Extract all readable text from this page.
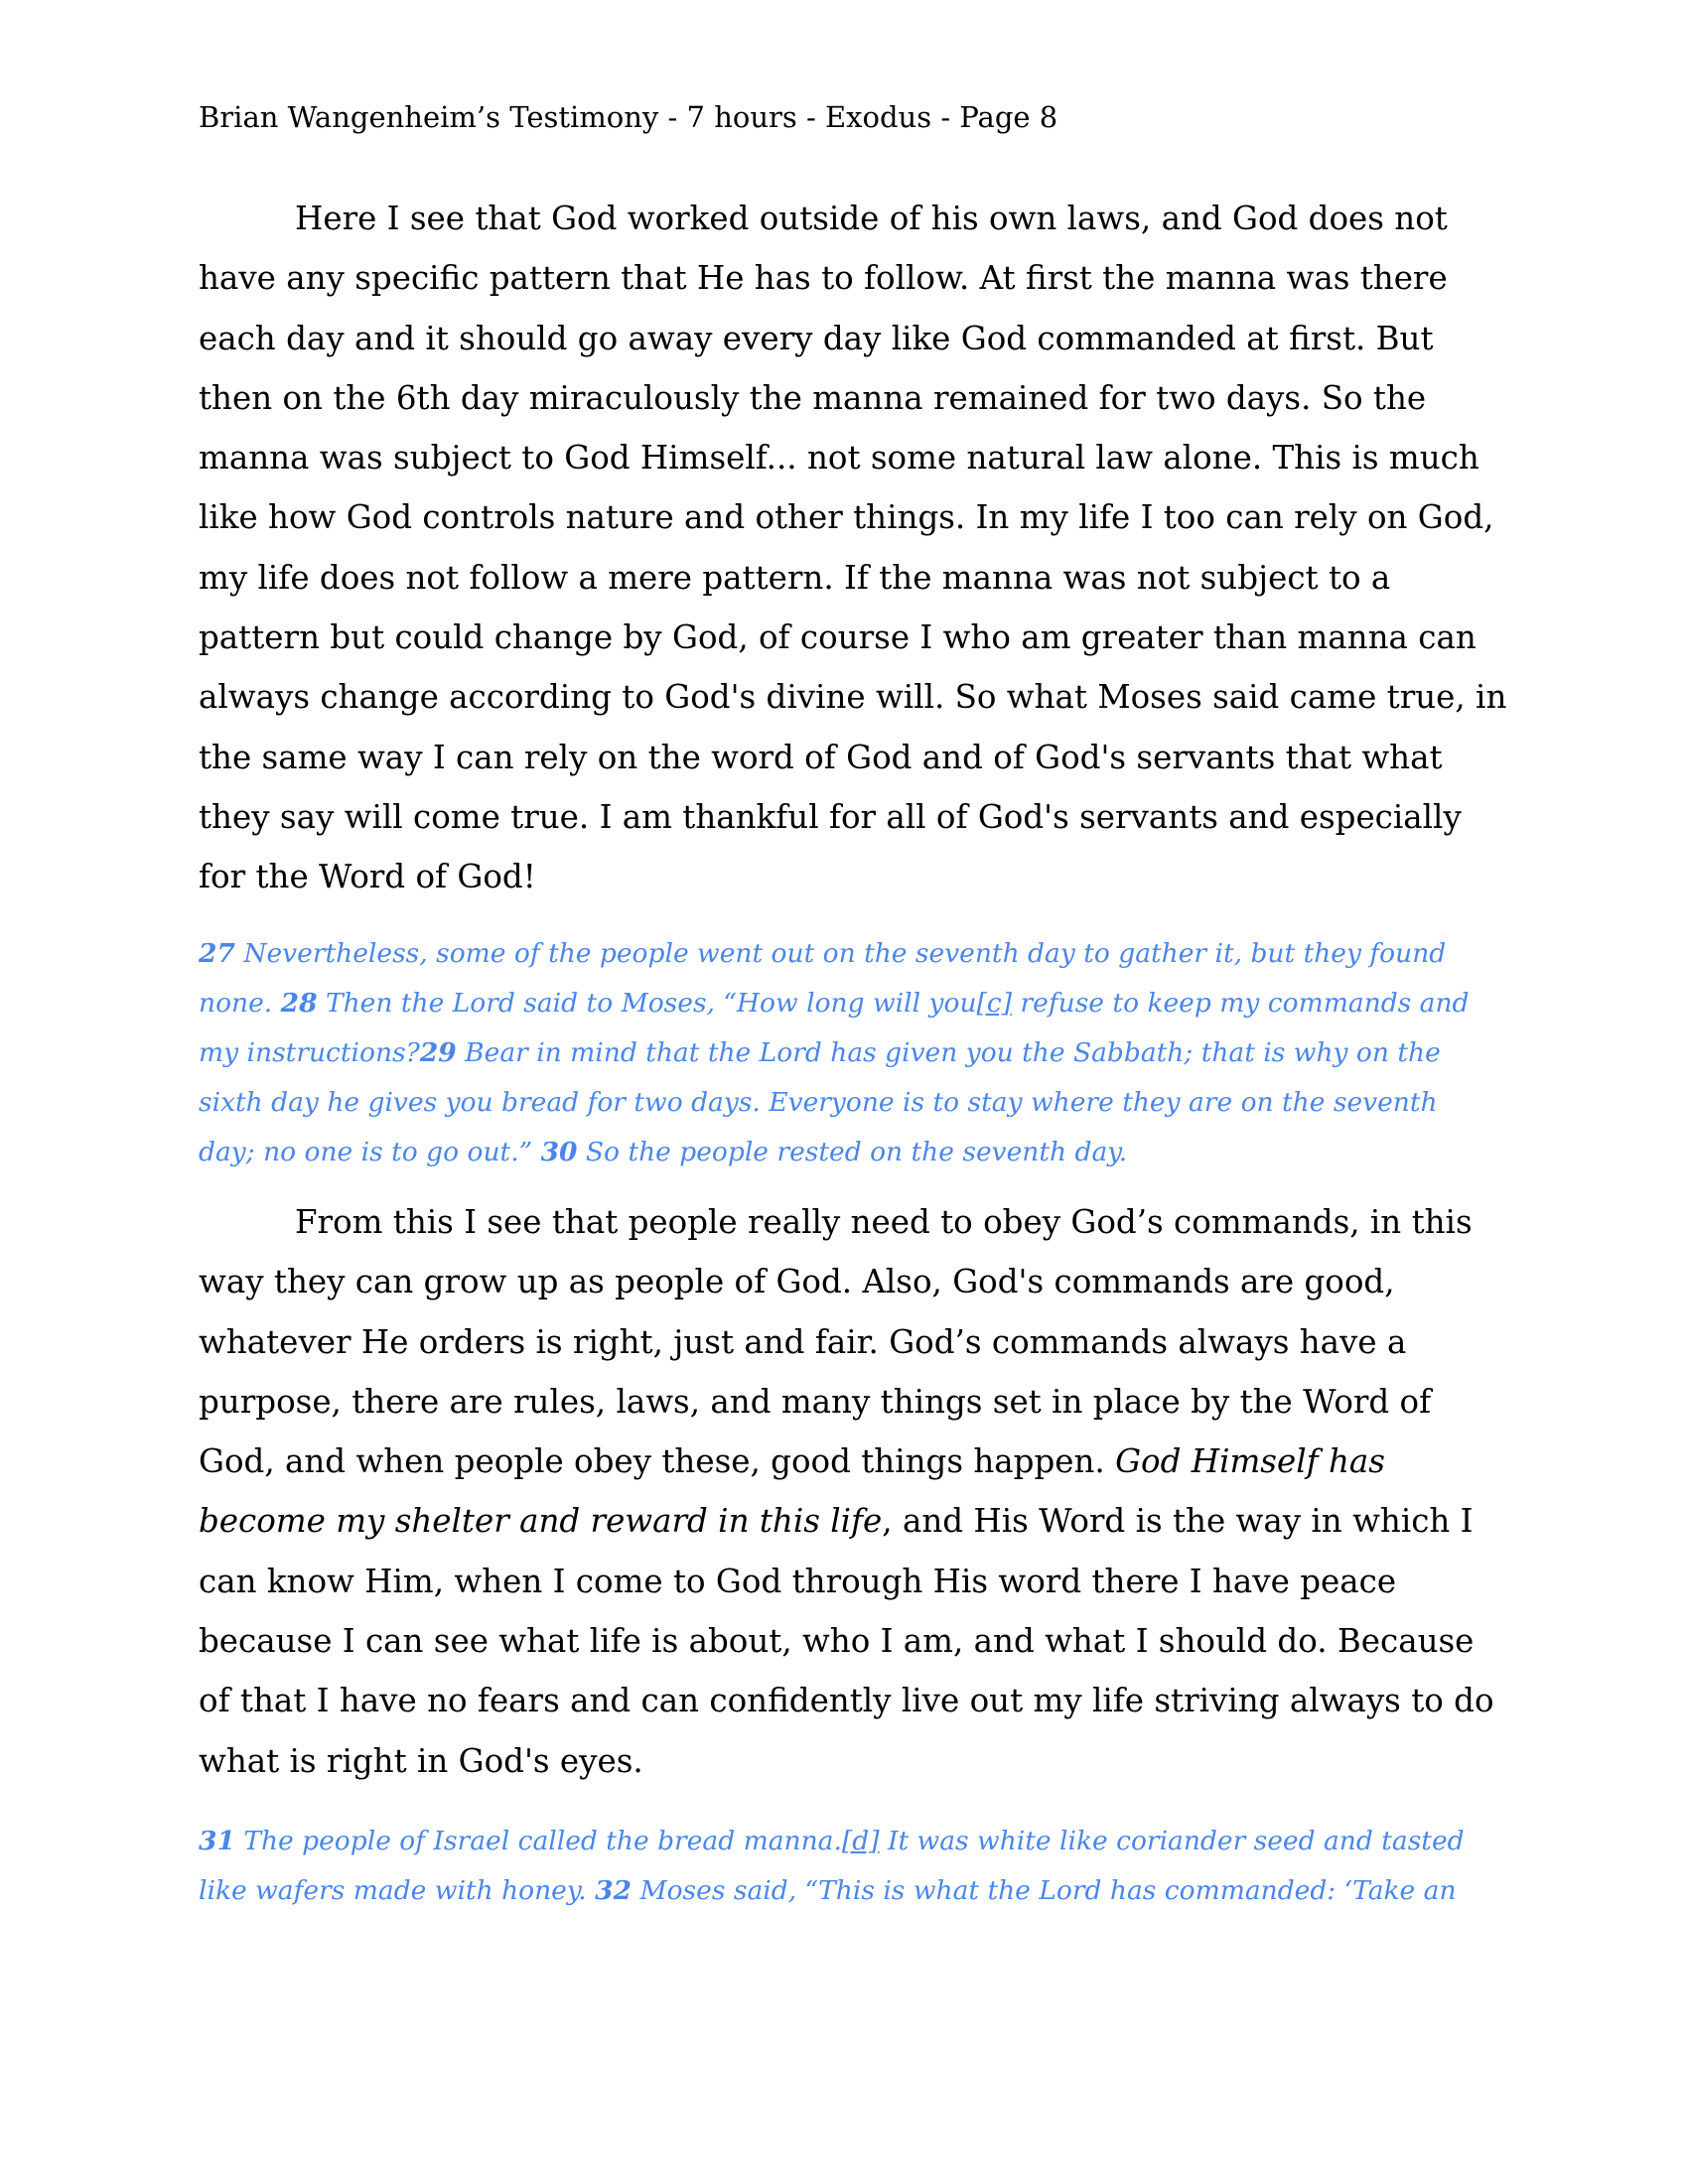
Brian Wangenheim’s Testimony - 7 hours - Exodus - Page 8
Here I see that God worked outside of his own laws, and God does not
have any specific pattern that He has to follow. At first the manna was there
each day and it should go away every day like God commanded at first. But
then on the 6th day miraculously the manna remained for two days. So the
manna was subject to God Himself... not some natural law alone. This is much
like how God controls nature and other things. In my life I too can rely on God,
my life does not follow a mere pattern. If the manna was not subject to a
pattern but could change by God, of course I who am greater than manna can
always change according to God's divine will. So what Moses said came true, in
the same way I can rely on the word of God and of God's servants that what
they say will come true. I am thankful for all of God's servants and especially
for the Word of God!
27 Nevertheless, some of the people went out on the seventh day to gather it, but they found
none. 28 Then the Lord said to Moses, “How long will you[c] refuse to keep my commands and
my instructions?29 Bear in mind that the Lord has given you the Sabbath; that is why on the
sixth day he gives you bread for two days. Everyone is to stay where they are on the seventh
day; no one is to go out.” 30 So the people rested on the seventh day.
From this I see that people really need to obey God’s commands, in this
way they can grow up as people of God. Also, God's commands are good,
whatever He orders is right, just and fair. God’s commands always have a
purpose, there are rules, laws, and many things set in place by the Word of
God, and when people obey these, good things happen. God Himself has
become my shelter and reward in this life, and His Word is the way in which I
can know Him, when I come to God through His word there I have peace
because I can see what life is about, who I am, and what I should do. Because
of that I have no fears and can confidently live out my life striving always to do
what is right in God's eyes.
31 The people of Israel called the bread manna.[d] It was white like coriander seed and tasted
like wafers made with honey. 32 Moses said, “This is what the Lord has commanded: ‘Take an
